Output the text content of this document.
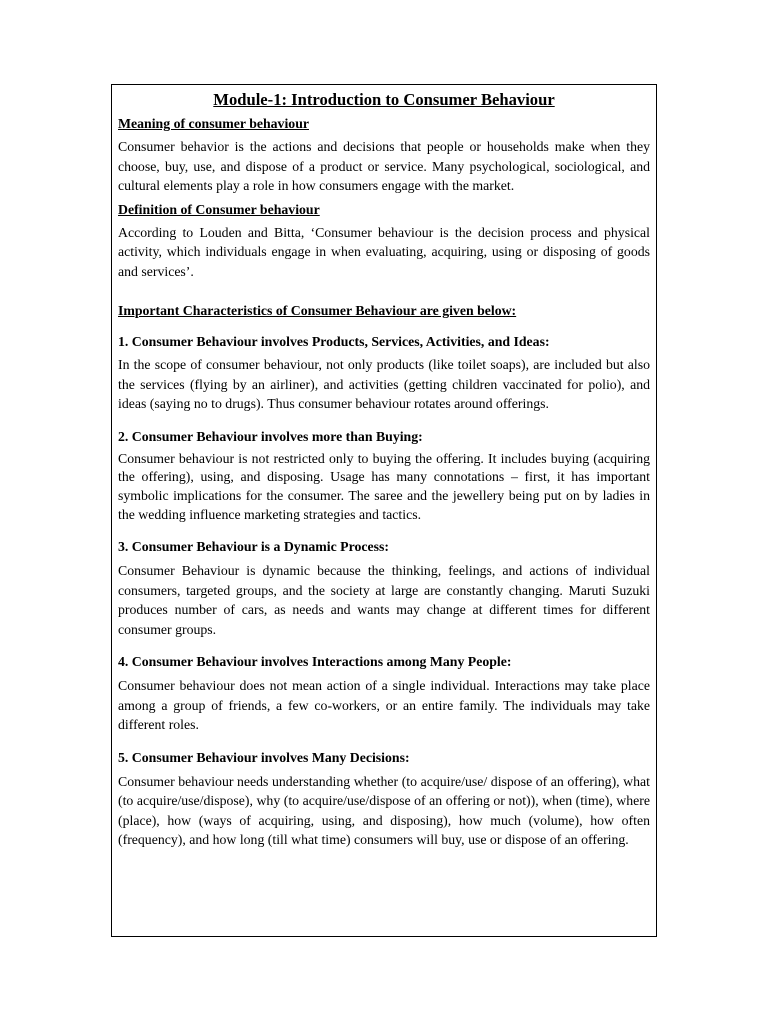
Module-1: Introduction to Consumer Behaviour
Meaning of consumer behaviour

Consumer behavior is the actions and decisions that people or households make when they choose, buy, use, and dispose of a product or service. Many psychological, sociological, and cultural elements play a role in how consumers engage with the market.

Definition of Consumer behaviour

According to Louden and Bitta, ‘Consumer behaviour is the decision process and physical activity, which individuals engage in when evaluating, acquiring, using or disposing of goods and services’.

Important Characteristics of Consumer Behaviour are given below:
1. Consumer Behaviour involves Products, Services, Activities, and Ideas:

In the scope of consumer behaviour, not only products (like toilet soaps), are included but also the services (flying by an airliner), and activities (getting children vaccinated for polio), and ideas (saying no to drugs). Thus consumer behaviour rotates around offerings.

2. Consumer Behaviour involves more than Buying:

Consumer behaviour is not restricted only to buying the offering. It includes buying (acquiring the offering), using, and disposing. Usage has many connotations – first, it has important symbolic implications for the consumer. The saree and the jewellery being put on by ladies in the wedding influence marketing strategies and tactics.

3. Consumer Behaviour is a Dynamic Process:

Consumer Behaviour is dynamic because the thinking, feelings, and actions of individual consumers, targeted groups, and the society at large are constantly changing. Maruti Suzuki produces number of cars, as needs and wants may change at different times for different consumer groups.

4. Consumer Behaviour involves Interactions among Many People:

Consumer behaviour does not mean action of a single individual. Interactions may take place among a group of friends, a few co-workers, or an entire family. The individuals may take different roles.

5. Consumer Behaviour involves Many Decisions:

Consumer behaviour needs understanding whether (to acquire/use/ dispose of an offering), what (to acquire/use/dispose), why (to acquire/use/dispose of an offering or not)), when (time), where (place), how (ways of acquiring, using, and disposing), how much (volume), how often (frequency), and how long (till what time) consumers will buy, use or dispose of an offering.
